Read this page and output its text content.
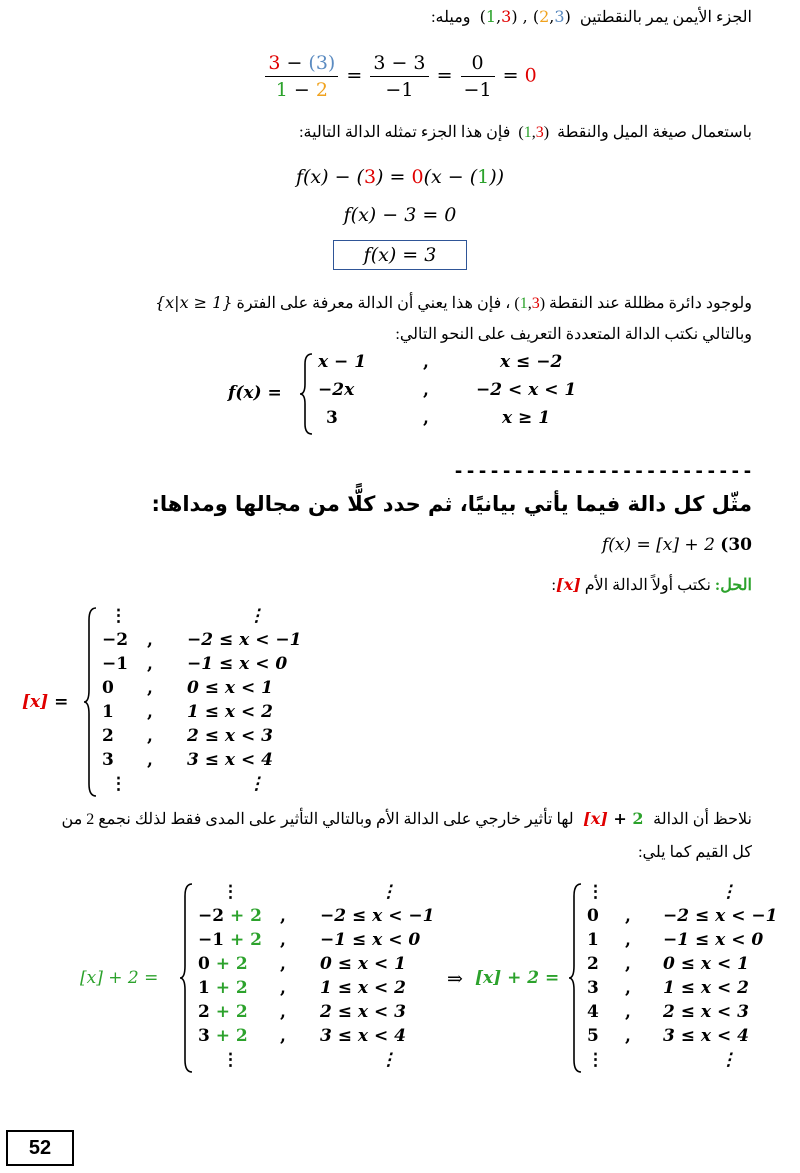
الجزء الأيمن يمر بالنقطتين  (1,3) , (2,3)  وميله:
$\frac{3 - (3)}{1 - 2} = \frac{3 - 3}{-1} = \frac{0}{-1} = 0$
باستعمال صيغة الميل والنقطة  (1,3)  فإن هذا الجزء تمثله الدالة التالية:
f(x) − (3) = 0(x − (1))
f(x) − 3 = 0
f(x) = 3
ولوجود دائرة مظللة عند النقطة  (1,3)، فإن هذا يعني أن الدالة معرفة على الفترة {x|x ≥ 1}
وبالتالي نكتب الدالة المتعددة التعريف على النحو التالي:
f(x) =
x − 1	,	x ≤ −2
−2x	,	−2 < x < 1
3	,	x ≥ 1
-------------------------
مثّل كل دالة فيما يأتي بيانيًا، ثم حدد كلًّا من مجالها ومداها:
f(x) = [x] + 2 (30
الحل: نكتب أولاً الدالة الأم [x]:
[x] =
⋮	⋮
−2 , −2 ≤ x < −1
−1 , −1 ≤ x < 0
0 , 0 ≤ x < 1
1 , 1 ≤ x < 2
2 , 2 ≤ x < 3
3 , 3 ≤ x < 4
⋮	⋮
نلاحظ أن الدالة  [x] + 2  لها تأثير خارجي على الدالة الأم وبالتالي التأثير على المدى فقط لذلك نجمع 2 من
كل القيم كما يلي:
[x] + 2 =
⋮	⋮
−2 + 2 , −2 ≤ x < −1
−1 + 2 , −1 ≤ x < 0
0 + 2 , 0 ≤ x < 1
1 + 2 , 1 ≤ x < 2
2 + 2 , 2 ≤ x < 3
3 + 2 , 3 ≤ x < 4
⋮	⋮
⇒ [x] + 2 =
⋮	⋮
0 , −2 ≤ x < −1
1 , −1 ≤ x < 0
2 , 0 ≤ x < 1
3 , 1 ≤ x < 2
4 , 2 ≤ x < 3
5 , 3 ≤ x < 4
⋮	⋮
52
